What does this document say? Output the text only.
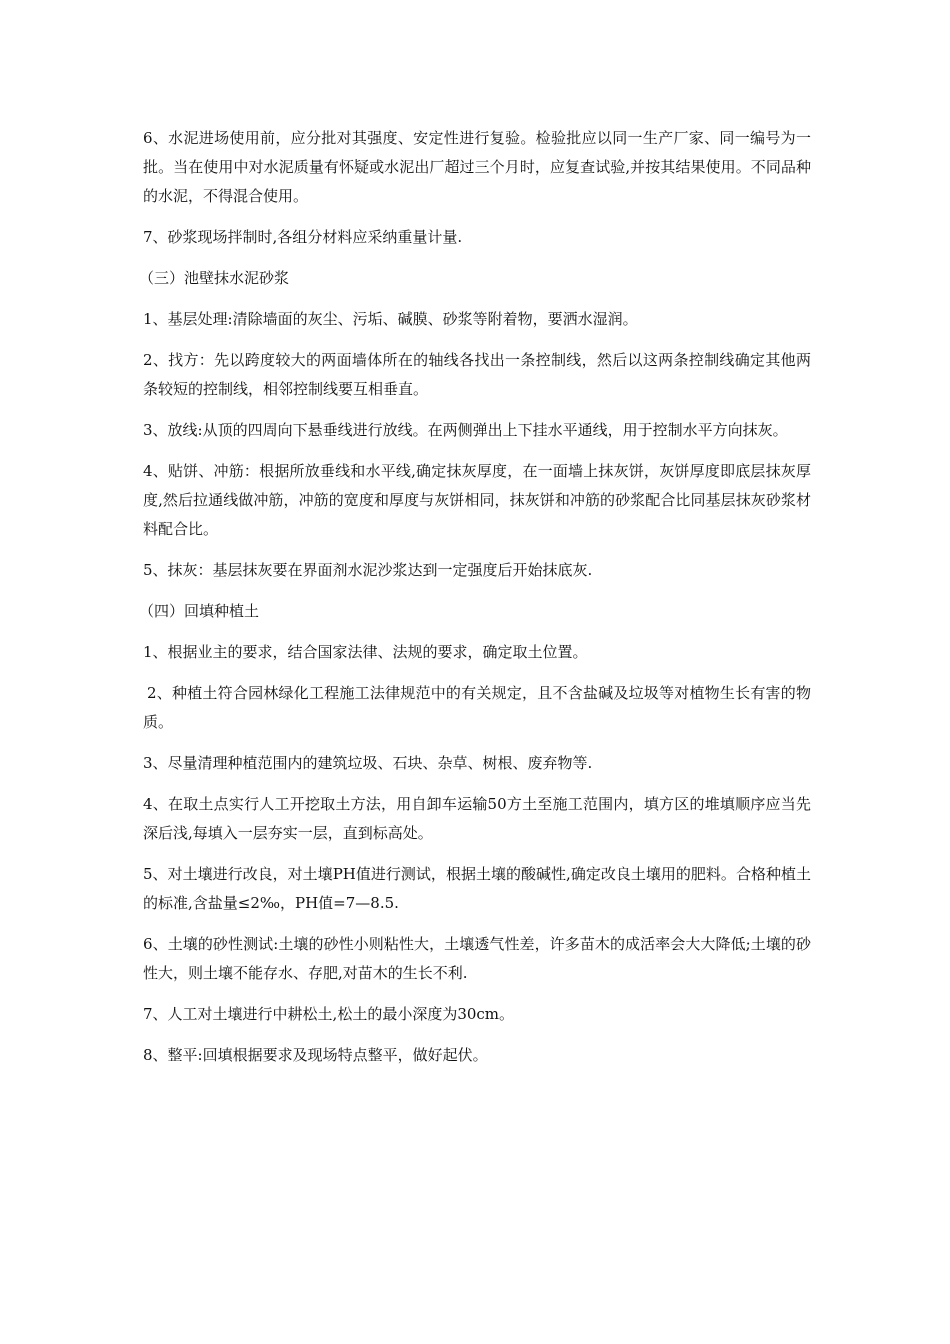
6、水泥进场使用前，应分批对其强度、安定性进行复验。检验批应以同一生产厂家、同一编号为一批。当在使用中对水泥质量有怀疑或水泥出厂超过三个月时，应复查试验,并按其结果使用。不同品种的水泥，不得混合使用。

7、砂浆现场拌制时,各组分材料应采纳重量计量.

（三）池壁抹水泥砂浆

1、基层处理:清除墙面的灰尘、污垢、碱膜、砂浆等附着物，要洒水湿润。

2、找方：先以跨度较大的两面墙体所在的轴线各找出一条控制线，然后以这两条控制线确定其他两条较短的控制线，相邻控制线要互相垂直。

3、放线:从顶的四周向下悬垂线进行放线。在两侧弹出上下挂水平通线，用于控制水平方向抹灰。

4、贴饼、冲筋：根据所放垂线和水平线,确定抹灰厚度，在一面墙上抹灰饼，灰饼厚度即底层抹灰厚度,然后拉通线做冲筋，冲筋的宽度和厚度与灰饼相同，抹灰饼和冲筋的砂浆配合比同基层抹灰砂浆材料配合比。

5、抹灰：基层抹灰要在界面剂水泥沙浆达到一定强度后开始抹底灰.

（四）回填种植土

1、根据业主的要求，结合国家法律、法规的要求，确定取土位置。

2、种植土符合园林绿化工程施工法律规范中的有关规定，且不含盐碱及垃圾等对植物生长有害的物质。

3、尽量清理种植范围内的建筑垃圾、石块、杂草、树根、废弃物等.

4、在取土点实行人工开挖取土方法，用自卸车运输50方土至施工范围内，填方区的堆填顺序应当先深后浅,每填入一层夯实一层，直到标高处。

5、对土壤进行改良，对土壤PH值进行测试，根据土壤的酸碱性,确定改良土壤用的肥料。合格种植土的标准,含盐量≤2‰，PH值=7—8.5.

6、土壤的砂性测试:土壤的砂性小则粘性大，土壤透气性差，许多苗木的成活率会大大降低;土壤的砂性大，则土壤不能存水、存肥,对苗木的生长不利.

7、人工对土壤进行中耕松土,松土的最小深度为30cm。

8、整平:回填根据要求及现场特点整平，做好起伏。
